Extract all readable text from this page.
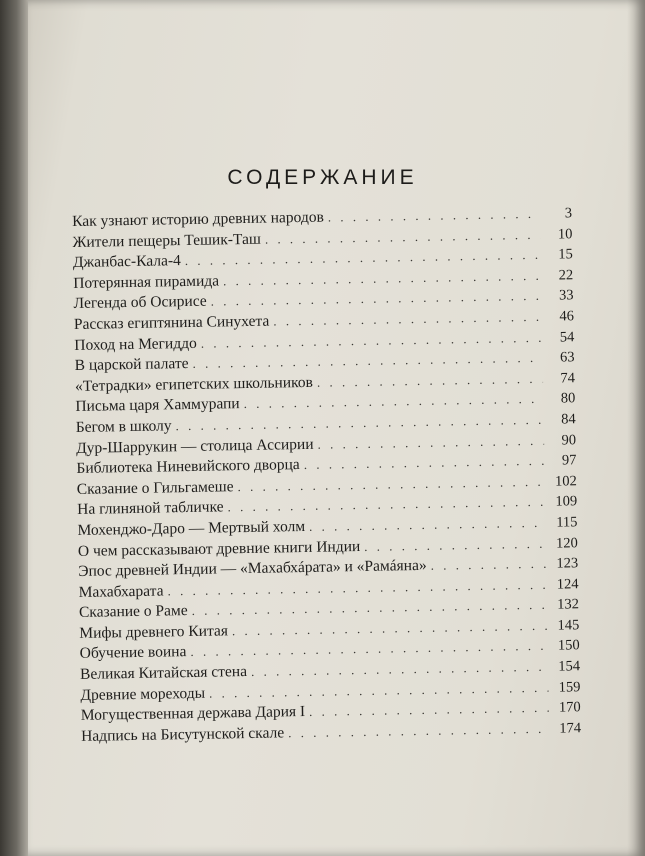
СОДЕРЖАНИЕ
Как узнают историю древних народов . . .	3
Жители пещеры Тешик-Таш . . .	10
Джанбас-Кала-4 . . .	15
Потерянная пирамида . . .	22
Легенда об Осирисе . . .	33
Рассказ египтянина Синухета . . .	46
Поход на Мегиддо . . .	54
В царской палате . . .	63
«Тетрадки» египетских школьников . . .	74
Письма царя Хаммурапи . . .	80
Бегом в школу . . .	84
Дур-Шаррукин — столица Ассирии . . .	90
Библиотека Ниневийского дворца . . .	97
Сказание о Гильгамеше . . .	102
На глиняной табличке . . .	109
Мохенджо-Даро — Мертвый холм . . .	115
О чем рассказывают древние книги Индии . . .	120
Эпос древней Индии — «Махабхáрата» и «Рамáяна» . . .	123
Махабхарата . . .	124
Сказание о Раме . . .	132
Мифы древнего Китая . . .	145
Обучение воина . . .	150
Великая Китайская стена . . .	154
Древние мореходы . . .	159
Могущественная держава Дария I . . .	170
Надпись на Бисутунской скале . . .	174
